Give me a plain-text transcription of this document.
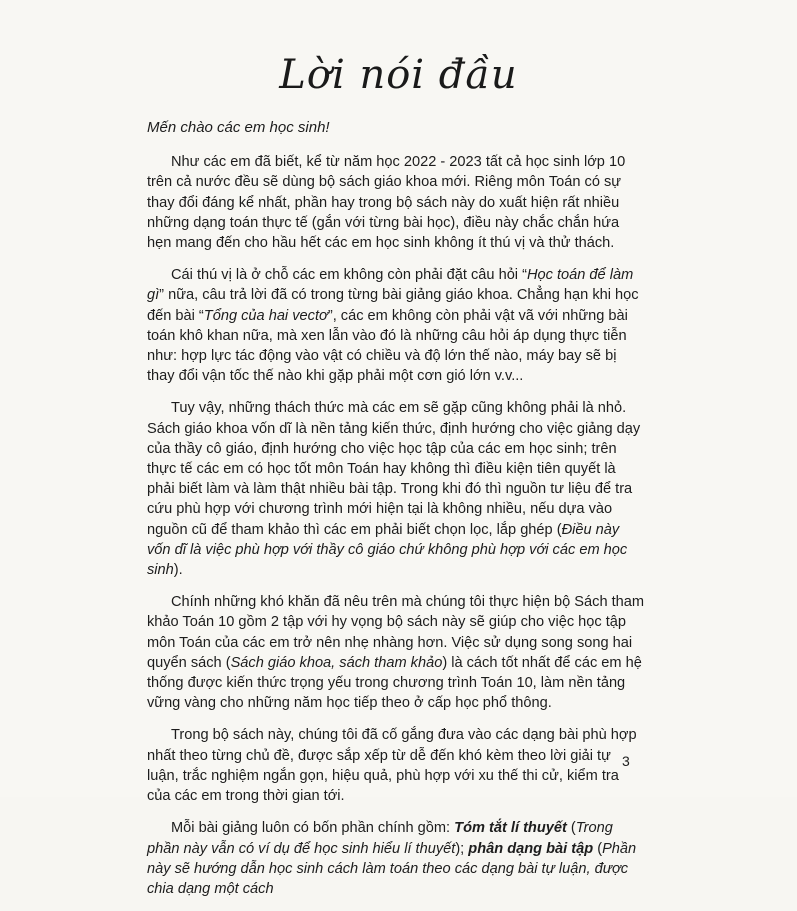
Lời nói đầu

Mến chào các em học sinh!

Như các em đã biết, kể từ năm học 2022 - 2023 tất cả học sinh lớp 10 trên cả nước đều sẽ dùng bộ sách giáo khoa mới. Riêng môn Toán có sự thay đổi đáng kể nhất, phần hay trong bộ sách này do xuất hiện rất nhiều những dạng toán thực tế (gắn với từng bài học), điều này chắc chắn hứa hẹn mang đến cho hầu hết các em học sinh không ít thú vị và thử thách.

Cái thú vị là ở chỗ các em không còn phải đặt câu hỏi “Học toán để làm gì” nữa, câu trả lời đã có trong từng bài giảng giáo khoa. Chẳng hạn khi học đến bài “Tổng của hai vectơ”, các em không còn phải vật vã với những bài toán khô khan nữa, mà xen lẫn vào đó là những câu hỏi áp dụng thực tiễn như: hợp lực tác động vào vật có chiều và độ lớn thế nào, máy bay sẽ bị thay đổi vận tốc thế nào khi gặp phải một cơn gió lớn v.v...

Tuy vậy, những thách thức mà các em sẽ gặp cũng không phải là nhỏ. Sách giáo khoa vốn dĩ là nền tảng kiến thức, định hướng cho việc giảng dạy của thầy cô giáo, định hướng cho việc học tập của các em học sinh; trên thực tế các em có học tốt môn Toán hay không thì điều kiện tiên quyết là phải biết làm và làm thật nhiều bài tập. Trong khi đó thì nguồn tư liệu để tra cứu phù hợp với chương trình mới hiện tại là không nhiều, nếu dựa vào nguồn cũ để tham khảo thì các em phải biết chọn lọc, lắp ghép (Điều này vốn dĩ là việc phù hợp với thầy cô giáo chứ không phù hợp với các em học sinh).

Chính những khó khăn đã nêu trên mà chúng tôi thực hiện bộ Sách tham khảo Toán 10 gồm 2 tập với hy vọng bộ sách này sẽ giúp cho việc học tập môn Toán của các em trở nên nhẹ nhàng hơn. Việc sử dụng song song hai quyển sách (Sách giáo khoa, sách tham khảo) là cách tốt nhất để các em hệ thống được kiến thức trọng yếu trong chương trình Toán 10, làm nền tảng vững vàng cho những năm học tiếp theo ở cấp học phổ thông.

Trong bộ sách này, chúng tôi đã cố gắng đưa vào các dạng bài phù hợp nhất theo từng chủ đề, được sắp xếp từ dễ đến khó kèm theo lời giải tự luận, trắc nghiệm ngắn gọn, hiệu quả, phù hợp với xu thế thi cử, kiểm tra của các em trong thời gian tới.

Mỗi bài giảng luôn có bốn phần chính gồm: Tóm tắt lí thuyết (Trong phần này vẫn có ví dụ để học sinh hiểu lí thuyết); phân dạng bài tập (Phần này sẽ hướng dẫn học sinh cách làm toán theo các dạng bài tự luận, được chia dạng một cách

3
